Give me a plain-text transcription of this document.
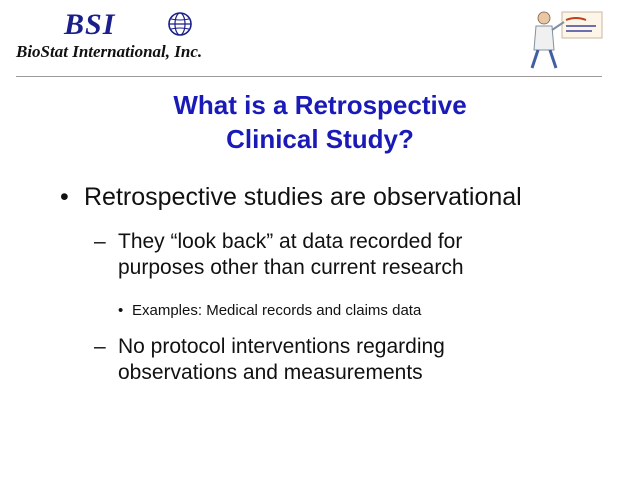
BSI
BioStat International, Inc.
What is a Retrospective
Clinical Study?
• Retrospective studies are observational
– They “look back” at data recorded for
purposes other than current research
• Examples: Medical records and claims data
– No protocol interventions regarding
observations and measurements
